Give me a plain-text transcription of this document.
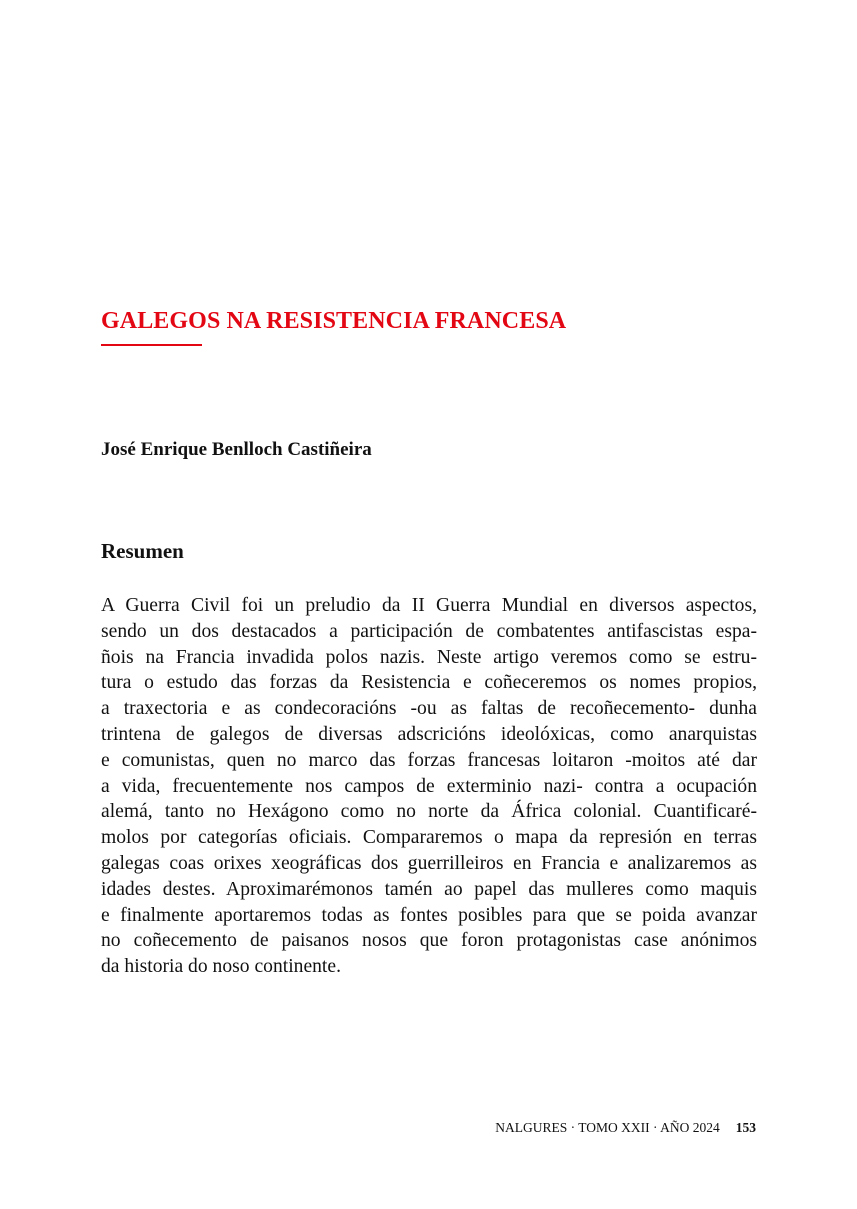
GALEGOS NA RESISTENCIA FRANCESA

José Enrique Benlloch Castiñeira

Resumen
A Guerra Civil foi un preludio da II Guerra Mundial en diversos aspectos,
sendo un dos destacados a participación de combatentes antifascistas espa-
ñois na Francia invadida polos nazis. Neste artigo veremos como se estru-
tura o estudo das forzas da Resistencia e coñeceremos os nomes propios,
a traxectoria e as condecoracións -ou as faltas de recoñecemento- dunha
trintena de galegos de diversas adscricións ideolóxicas, como anarquistas
e comunistas, quen no marco das forzas francesas loitaron -moitos até dar
a vida, frecuentemente nos campos de exterminio nazi- contra a ocupación
alemá, tanto no Hexágono como no norte da África colonial. Cuantificaré-
molos por categorías oficiais. Compararemos o mapa da represión en terras
galegas coas orixes xeográficas dos guerrilleiros en Francia e analizaremos as
idades destes. Aproximarémonos tamén ao papel das mulleres como maquis
e finalmente aportaremos todas as fontes posibles para que se poida avanzar
no coñecemento de paisanos nosos que foron protagonistas case anónimos
da historia do noso continente.
NALGURES · TOMO XXII · AÑO 2024 153
